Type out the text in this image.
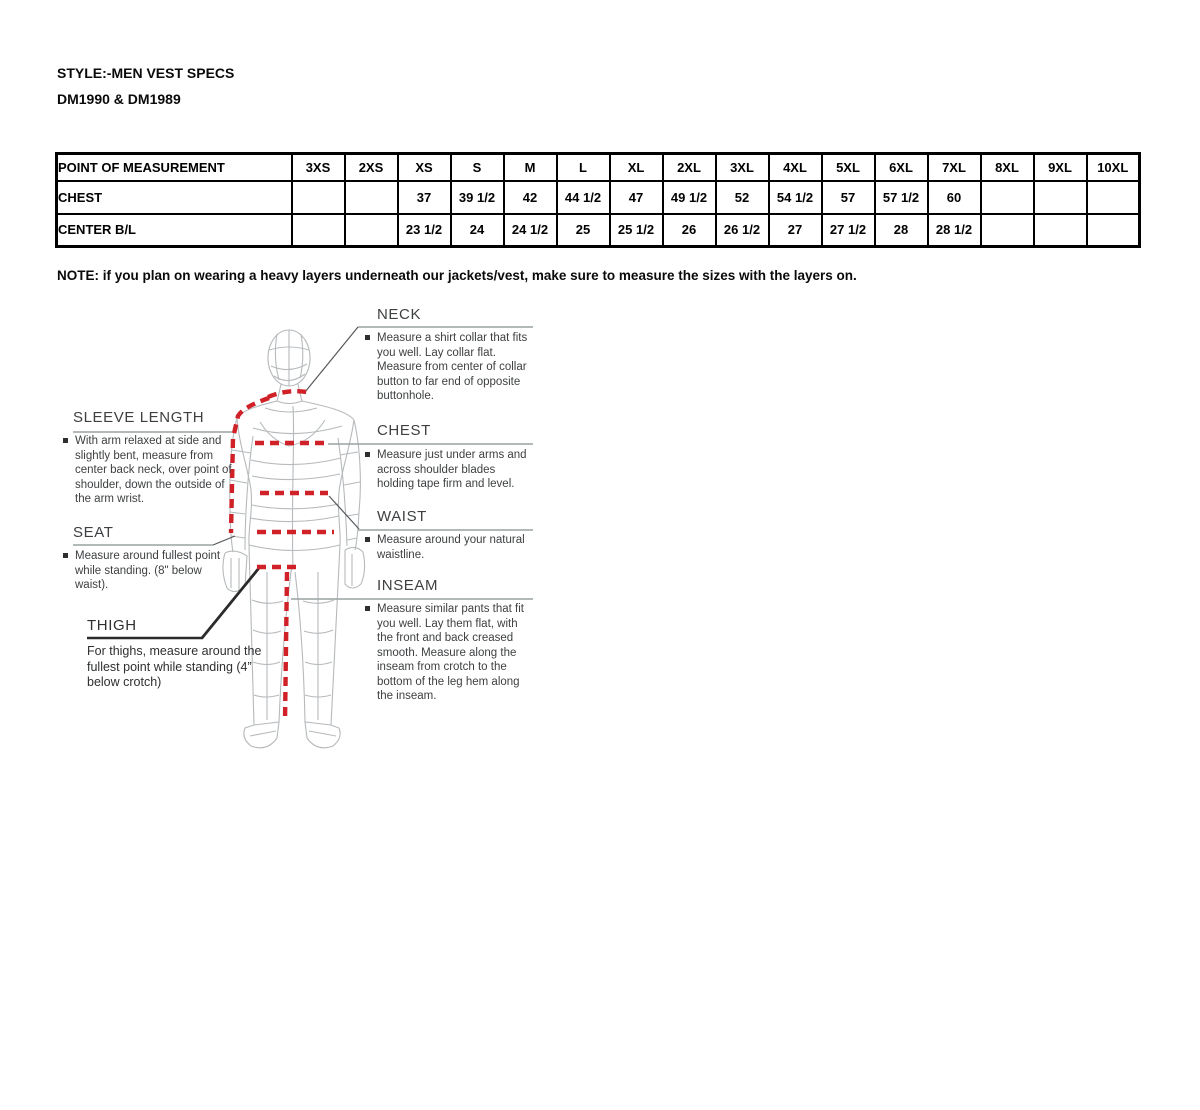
STYLE:-MEN VEST SPECS
DM1990 & DM1989
POINT OF MEASUREMENT	3XS	2XS	XS	S	M	L	XL	2XL	3XL	4XL	5XL	6XL	7XL	8XL	9XL	10XL
CHEST			37	39 1/2	42	44 1/2	47	49 1/2	52	54 1/2	57	57 1/2	60			
CENTER B/L			23 1/2	24	24 1/2	25	25 1/2	26	26 1/2	27	27 1/2	28	28 1/2			
NOTE: if you plan on wearing a heavy layers underneath our jackets/vest, make sure to measure the sizes with the layers on.
NECK

Measure a shirt collar that fits you well. Lay collar flat. Measure from center of collar button to far end of opposite buttonhole.

SLEEVE LENGTH

With arm relaxed at side and slightly bent, measure from center back neck, over point of shoulder, down the outside of the arm wrist.

CHEST

Measure just under arms and across shoulder blades holding tape firm and level.

WAIST

Measure around your natural waistline.

SEAT

Measure around fullest point while standing. (8" below waist).	INSEAM

Measure similar pants that fit you well. Lay them flat, with the front and back creased smooth. Measure along the inseam from crotch to the bottom of the leg hem along the inseam.

THIGH

For thighs, measure around the fullest point while standing (4” below crotch)
